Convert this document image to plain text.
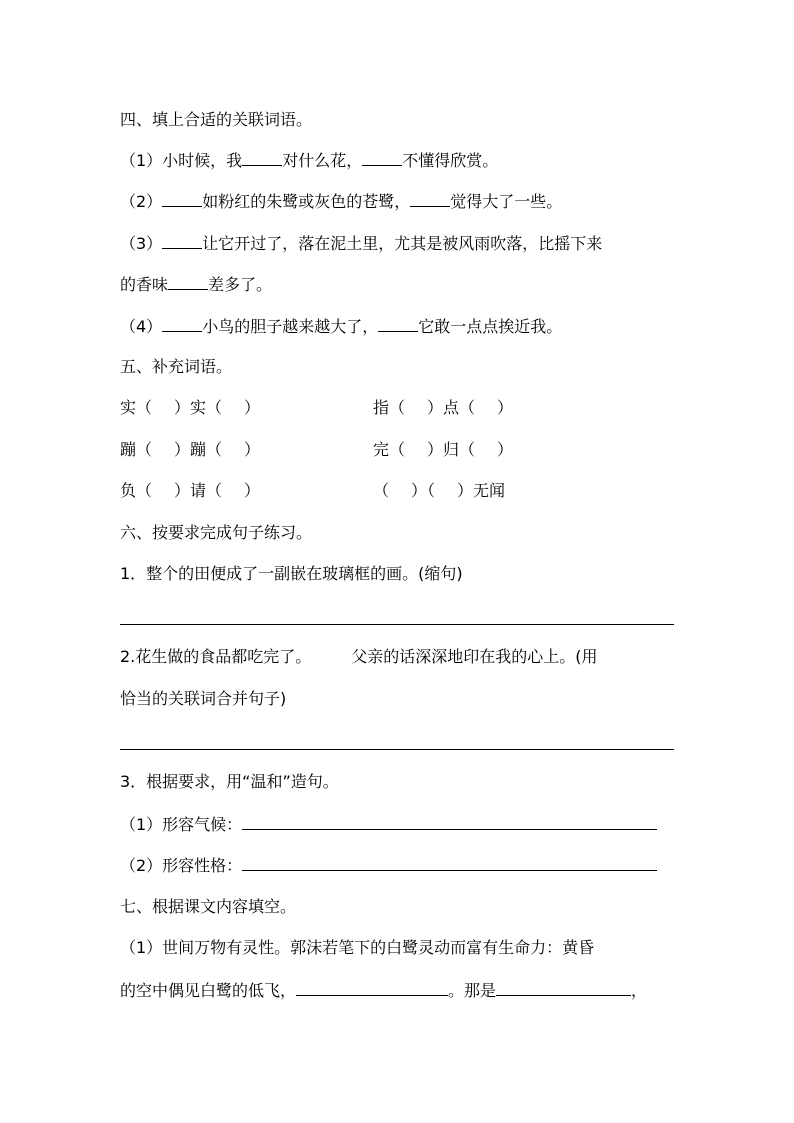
四、填上合适的关联词语。
（1）小时候，我	对什么花，	不懂得欣赏。
（2）	如粉红的朱鹭或灰色的苍鹭，	觉得大了一些。
（3）	让它开过了，落在泥土里，尤其是被风雨吹落，比摇下来
的香味	差多了。
（4）	小鸟的胆子越来越大了，	它敢一点点挨近我。
五、补充词语。
实（ ）实（ ）	指（ ）点（ ）
蹦（ ）蹦（ ）	完（ ）归（ ）
负（ ）请（ ）	（ ）（ ）无闻
六、按要求完成句子练习。
1．整个的田便成了一副嵌在玻璃框的画。(缩句)
2.花生做的食品都吃完了。	父亲的话深深地印在我的心上。(用
恰当的关联词合并句子)
3．根据要求，用“温和”造句。
（1）形容气候：
（2）形容性格：
七、根据课文内容填空。
（1）世间万物有灵性。郭沫若笔下的白鹭灵动而富有生命力：黄昏
的空中偶见白鹭的低飞，	。那是	，
